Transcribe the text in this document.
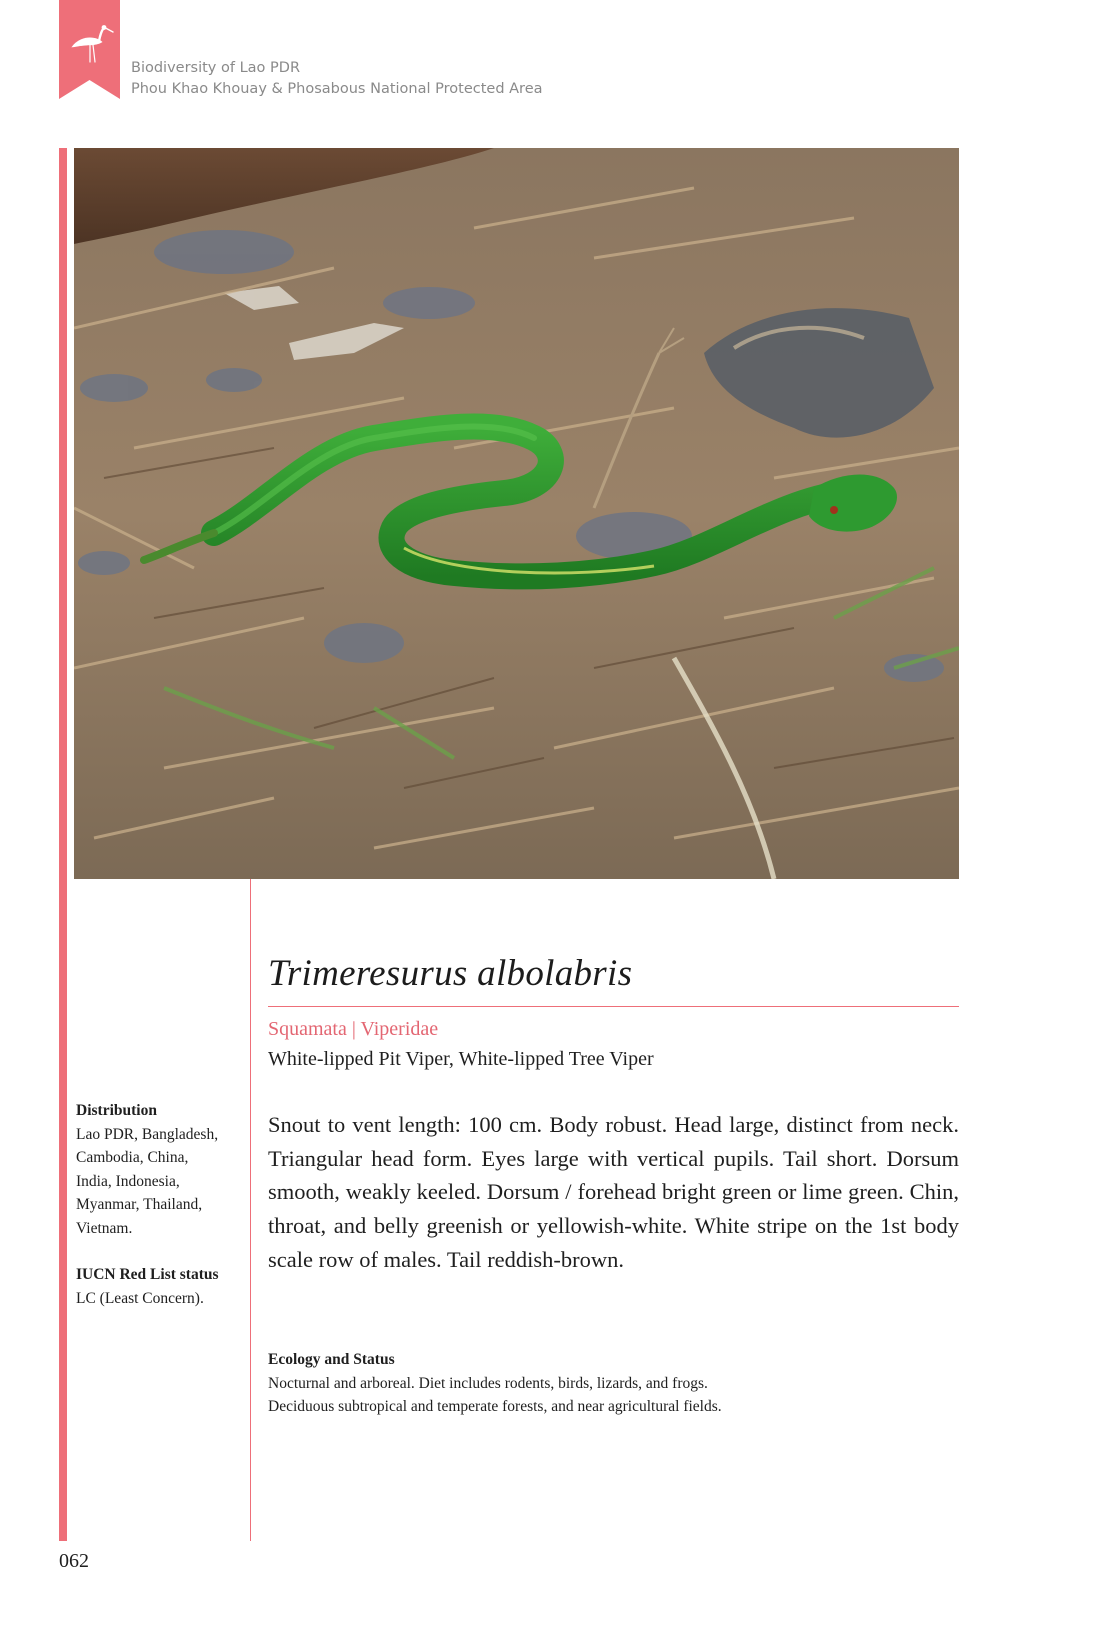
Biodiversity of Lao PDR
Phou Khao Khouay & Phosabous National Protected Area
Trimeresurus albolabris
Squamata | Viperidae
White-lipped Pit Viper, White-lipped Tree Viper
Snout to vent length: 100 cm. Body robust. Head large, distinct from neck. Triangular head form. Eyes large with vertical pupils. Tail short. Dorsum smooth, weakly keeled. Dorsum / forehead bright green or lime green. Chin, throat, and belly greenish or yellowish-white. White stripe on the 1st body scale row of males. Tail reddish-brown.
Distribution
Lao PDR, Bangladesh,
Cambodia, China,
India, Indonesia,
Myanmar, Thailand,
Vietnam.
IUCN Red List status
LC (Least Concern).
Ecology and Status
Nocturnal and arboreal. Diet includes rodents, birds, lizards, and frogs.
Deciduous subtropical and temperate forests, and near agricultural fields.
062
